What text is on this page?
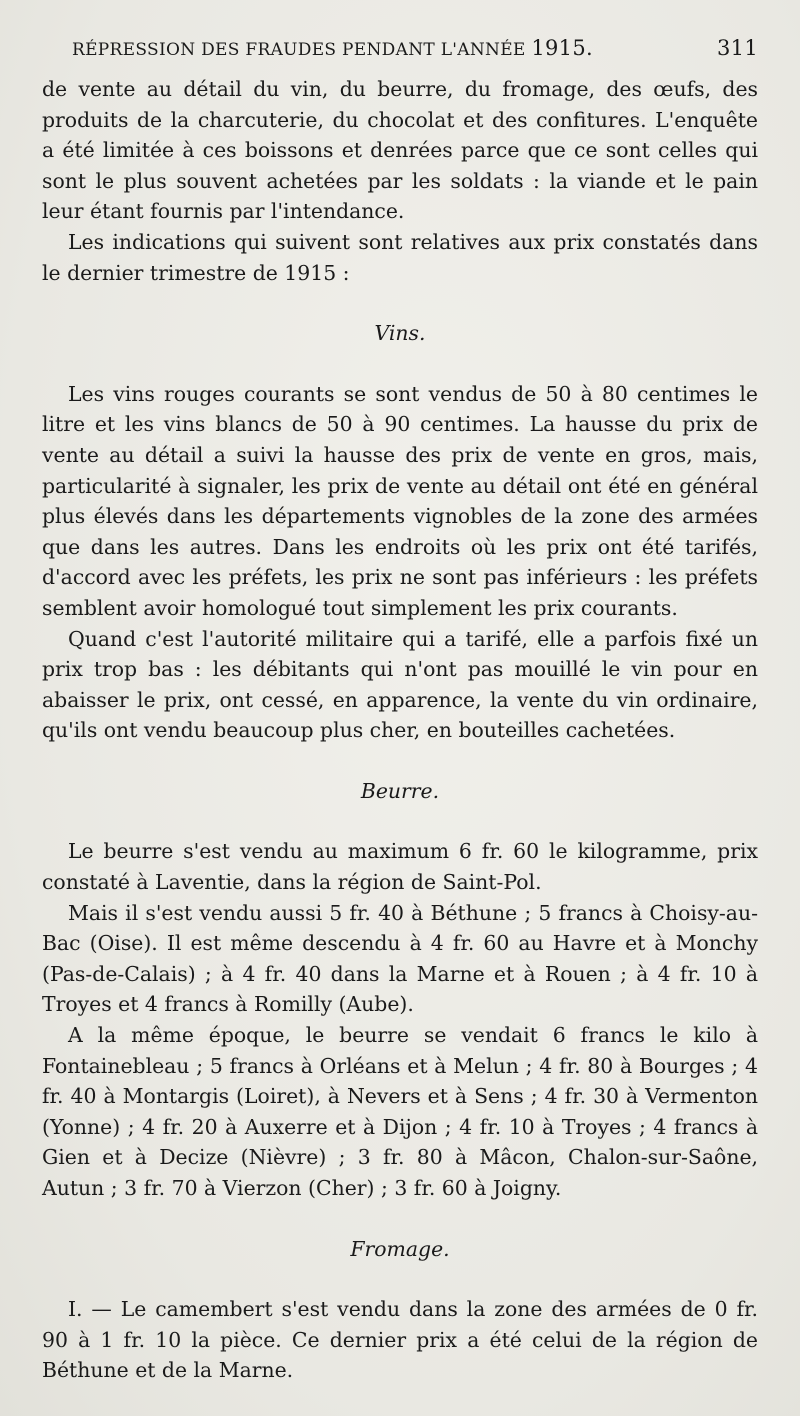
RÉPRESSION DES FRAUDES PENDANT L'ANNÉE 1915.	311

de vente au détail du vin, du beurre, du fromage, des œufs, des produits de la charcuterie, du chocolat et des confitures. L'enquête a été limitée à ces boissons et denrées parce que ce sont celles qui sont le plus souvent achetées par les soldats : la viande et le pain leur étant fournis par l'intendance.

Les indications qui suivent sont relatives aux prix constatés dans le dernier trimestre de 1915 :

Vins.

Les vins rouges courants se sont vendus de 50 à 80 centimes le litre et les vins blancs de 50 à 90 centimes. La hausse du prix de vente au détail a suivi la hausse des prix de vente en gros, mais, particularité à signaler, les prix de vente au détail ont été en général plus élevés dans les départements vignobles de la zone des armées que dans les autres. Dans les endroits où les prix ont été tarifés, d'accord avec les préfets, les prix ne sont pas inférieurs : les préfets semblent avoir homologué tout simplement les prix courants.

Quand c'est l'autorité militaire qui a tarifé, elle a parfois fixé un prix trop bas : les débitants qui n'ont pas mouillé le vin pour en abaisser le prix, ont cessé, en apparence, la vente du vin ordinaire, qu'ils ont vendu beaucoup plus cher, en bouteilles cachetées.

Beurre.

Le beurre s'est vendu au maximum 6 fr. 60 le kilogramme, prix constaté à Laventie, dans la région de Saint-Pol.

Mais il s'est vendu aussi 5 fr. 40 à Béthune ; 5 francs à Choisy-au-Bac (Oise). Il est même descendu à 4 fr. 60 au Havre et à Monchy (Pas-de-Calais) ; à 4 fr. 40 dans la Marne et à Rouen ; à 4 fr. 10 à Troyes et 4 francs à Romilly (Aube).

A la même époque, le beurre se vendait 6 francs le kilo à Fontainebleau ; 5 francs à Orléans et à Melun ; 4 fr. 80 à Bourges ; 4 fr. 40 à Montargis (Loiret), à Nevers et à Sens ; 4 fr. 30 à Vermenton (Yonne) ; 4 fr. 20 à Auxerre et à Dijon ; 4 fr. 10 à Troyes ; 4 francs à Gien et à Decize (Nièvre) ; 3 fr. 80 à Mâcon, Chalon-sur-Saône, Autun ; 3 fr. 70 à Vierzon (Cher) ; 3 fr. 60 à Joigny.

Fromage.

I. — Le camembert s'est vendu dans la zone des armées de 0 fr. 90 à 1 fr. 10 la pièce. Ce dernier prix a été celui de la région de Béthune et de la Marne.
